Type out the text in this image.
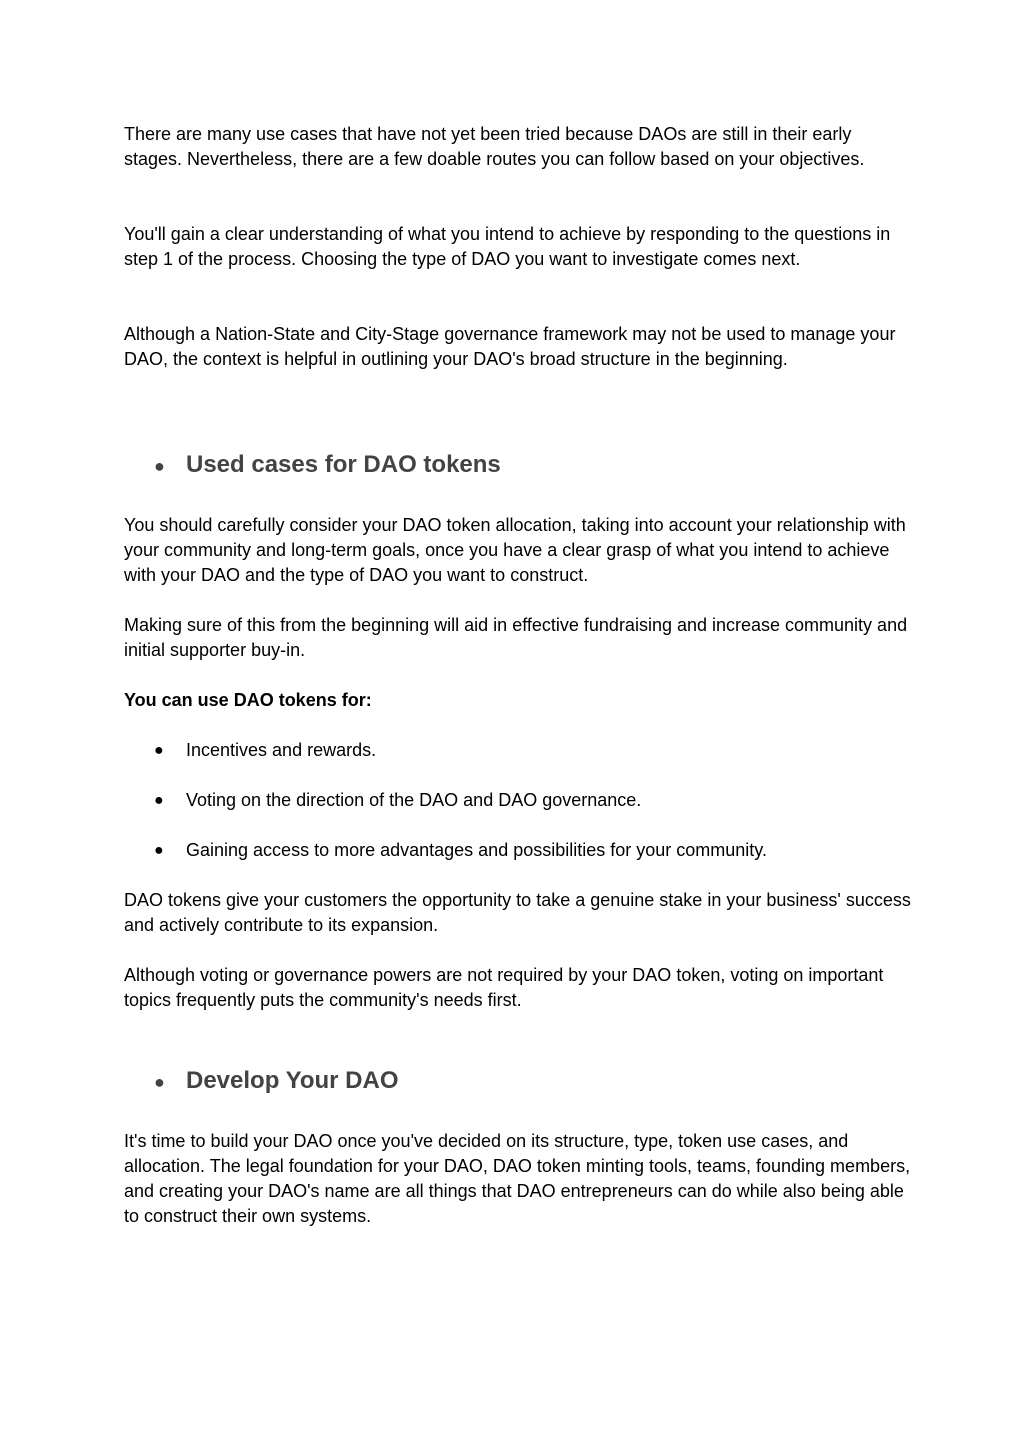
There are many use cases that have not yet been tried because DAOs are still in their early stages. Nevertheless, there are a few doable routes you can follow based on your objectives.

You'll gain a clear understanding of what you intend to achieve by responding to the questions in step 1 of the process. Choosing the type of DAO you want to investigate comes next.

Although a Nation-State and City-Stage governance framework may not be used to manage your DAO, the context is helpful in outlining your DAO's broad structure in the beginning.

● Used cases for DAO tokens

You should carefully consider your DAO token allocation, taking into account your relationship with your community and long-term goals, once you have a clear grasp of what you intend to achieve with your DAO and the type of DAO you want to construct.

Making sure of this from the beginning will aid in effective fundraising and increase community and initial supporter buy-in.

You can use DAO tokens for:

● Incentives and rewards.
● Voting on the direction of the DAO and DAO governance.
● Gaining access to more advantages and possibilities for your community.

DAO tokens give your customers the opportunity to take a genuine stake in your business' success and actively contribute to its expansion.

Although voting or governance powers are not required by your DAO token, voting on important topics frequently puts the community's needs first.

● Develop Your DAO

It's time to build your DAO once you've decided on its structure, type, token use cases, and allocation. The legal foundation for your DAO, DAO token minting tools, teams, founding members, and creating your DAO's name are all things that DAO entrepreneurs can do while also being able to construct their own systems.
